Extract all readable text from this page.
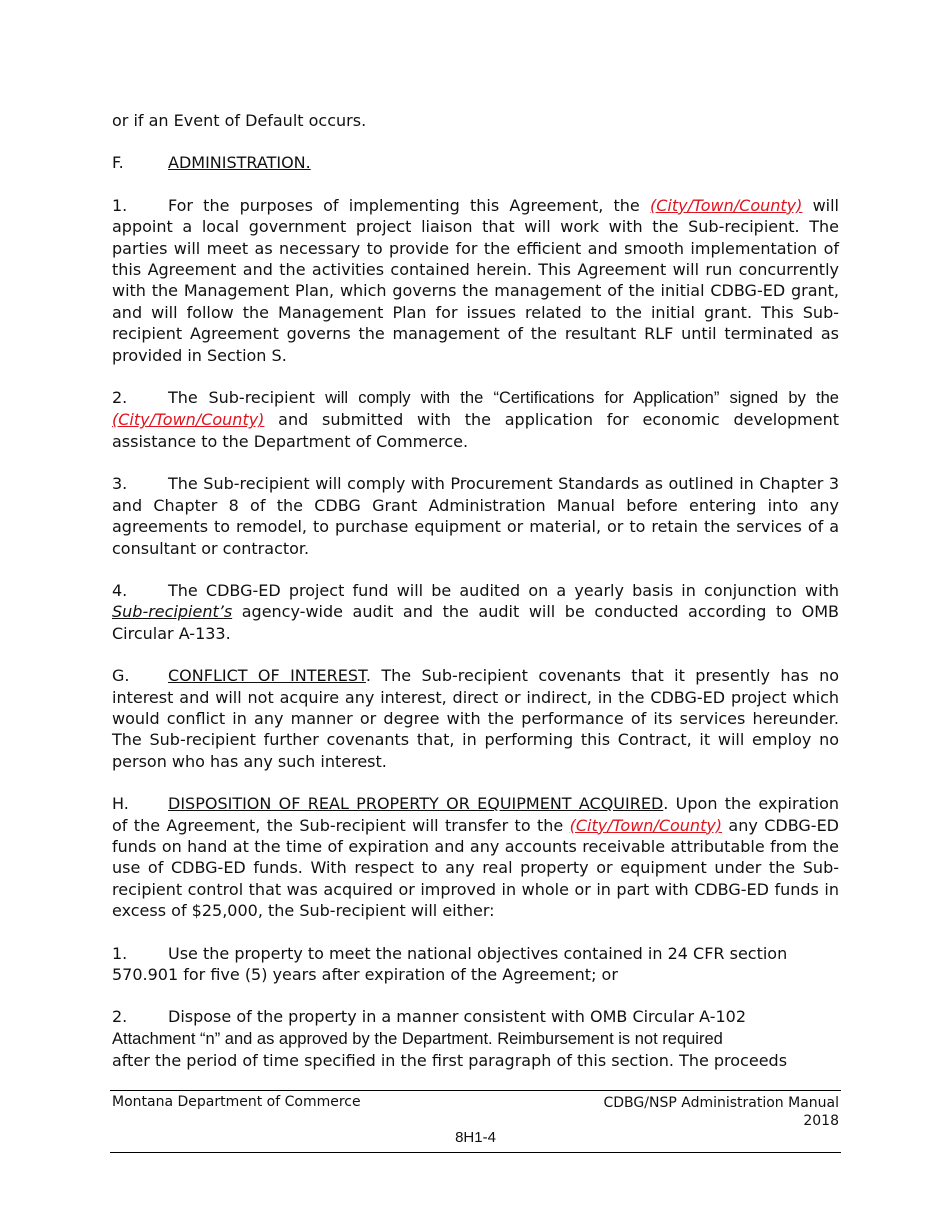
or if an Event of Default occurs.

F.	ADMINISTRATION.

1.	For the purposes of implementing this Agreement, the (City/Town/County) will appoint a local government project liaison that will work with the Sub-recipient. The parties will meet as necessary to provide for the efficient and smooth implementation of this Agreement and the activities contained herein. This Agreement will run concurrently with the Management Plan, which governs the management of the initial CDBG-ED grant, and will follow the Management Plan for issues related to the initial grant. This Sub-recipient Agreement governs the management of the resultant RLF until terminated as provided in Section S.

2.	The Sub-recipient will comply with the “Certifications for Application” signed by the (City/Town/County) and submitted with the application for economic development assistance to the Department of Commerce.

3.	The Sub-recipient will comply with Procurement Standards as outlined in Chapter 3 and Chapter 8 of the CDBG Grant Administration Manual before entering into any agreements to remodel, to purchase equipment or material, or to retain the services of a consultant or contractor.

4.	The CDBG-ED project fund will be audited on a yearly basis in conjunction with Sub-recipient’s agency-wide audit and the audit will be conducted according to OMB Circular A-133.

G. CONFLICT OF INTEREST. The Sub-recipient covenants that it presently has no interest and will not acquire any interest, direct or indirect, in the CDBG-ED project which would conflict in any manner or degree with the performance of its services hereunder. The Sub-recipient further covenants that, in performing this Contract, it will employ no person who has any such interest.

H. DISPOSITION OF REAL PROPERTY OR EQUIPMENT ACQUIRED. Upon the expiration of the Agreement, the Sub-recipient will transfer to the (City/Town/County) any CDBG-ED funds on hand at the time of expiration and any accounts receivable attributable from the use of CDBG-ED funds. With respect to any real property or equipment under the Sub-recipient control that was acquired or improved in whole or in part with CDBG-ED funds in excess of $25,000, the Sub-recipient will either:

1.	Use the property to meet the national objectives contained in 24 CFR section
570.901 for five (5) years after expiration of the Agreement; or
2.	Dispose of the property in a manner consistent with OMB Circular A-102
Attachment “n” and as approved by the Department. Reimbursement is not required
after the period of time specified in the first paragraph of this section. The proceeds
Montana Department of Commerce	CDBG/NSP Administration Manual
2018
8H1-4
